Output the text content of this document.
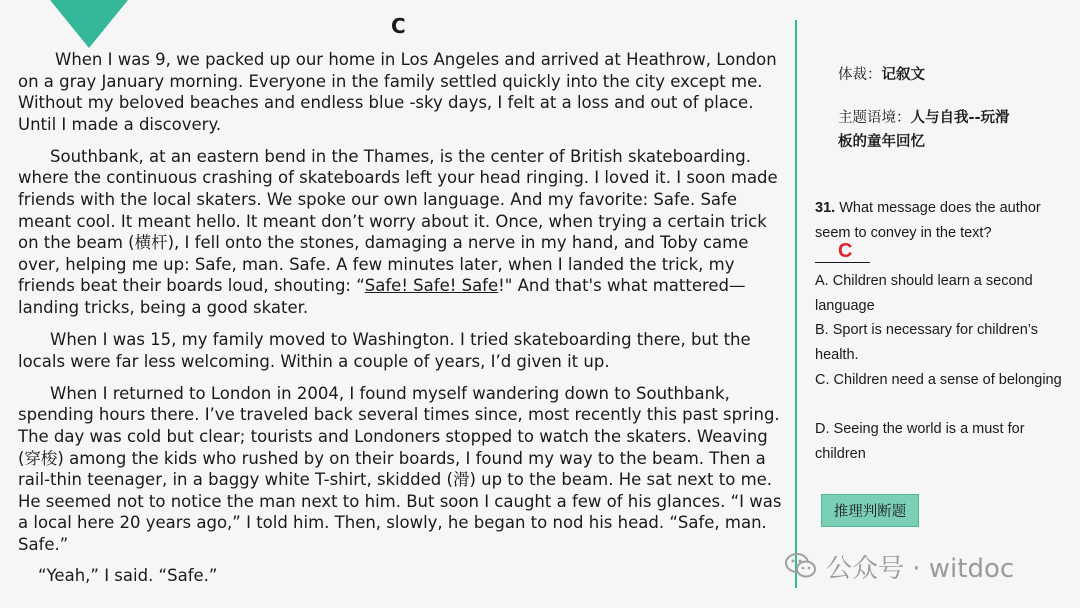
C

When I was 9, we packed up our home in Los Angeles and arrived at Heathrow, London on a gray January morning. Everyone in the family settled quickly into the city except me. Without my beloved beaches and endless blue -sky days, I felt at a loss and out of place. Until I made a discovery.

Southbank, at an eastern bend in the Thames, is the center of British skateboarding. where the continuous crashing of skateboards left your head ringing. I loved it. I soon made friends with the local skaters. We spoke our own language. And my favorite: Safe. Safe meant cool. It meant hello. It meant don’t worry about it. Once, when trying a certain trick on the beam (横杆), I fell onto the stones, damaging a nerve in my hand, and Toby came over, helping me up: Safe, man. Safe. A few minutes later, when I landed the trick, my friends beat their boards loud, shouting: “Safe! Safe! Safe!" And that's what mattered—landing tricks, being a good skater.

When I was 15, my family moved to Washington. I tried skateboarding there, but the locals were far less welcoming. Within a couple of years, I’d given it up.

When I returned to London in 2004, I found myself wandering down to Southbank, spending hours there. I’ve traveled back several times since, most recently this past spring. The day was cold but clear; tourists and Londoners stopped to watch the skaters. Weaving (穿梭) among the kids who rushed by on their boards, I found my way to the beam. Then a rail-thin teenager, in a baggy white T-shirt, skidded (滑) up to the beam. He sat next to me. He seemed not to notice the man next to him. But soon I caught a few of his glances. “I was a local here 20 years ago,” I told him. Then, slowly, he began to nod his head. “Safe, man. Safe.”

“Yeah,” I said. “Safe.”

体裁：记叙文
主题语境：人与自我--玩滑
板的童年回忆
31. What message does the author seem to convey in the text?
C
A. Children should learn a second language
B. Sport is necessary for children’s health.
C. Children need a sense of belonging
D. Seeing the world is a must for children
推理判断题
公众号 · witdoc
